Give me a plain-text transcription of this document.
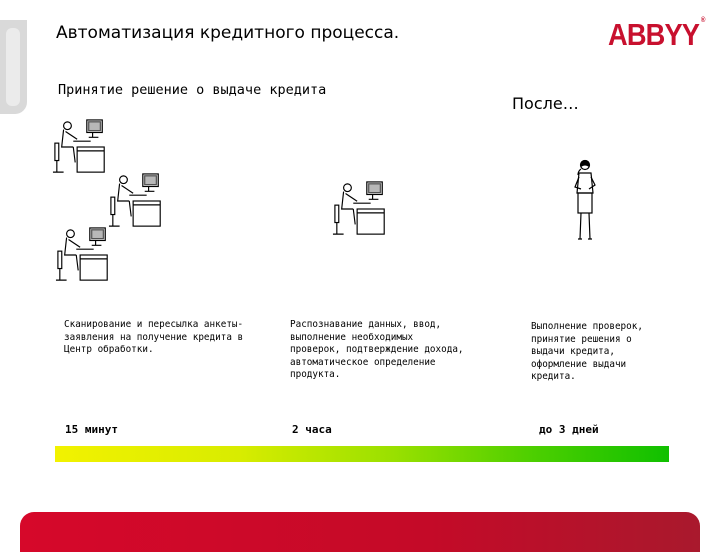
Автоматизация кредитного процесса.	ABBYY ®
Принятие решение о выдаче кредита
После…
Сканирование и пересылка анкеты-
заявления на получение кредита в
Центр обработки.
Распознавание данных, ввод,
выполнение необходимых
проверок, подтверждение дохода,
автоматическое определение
продукта.
Выполнение проверок,
принятие решения о
выдачи кредита,
оформление выдачи
кредита.
15 минут	2 часа	до 3 дней
